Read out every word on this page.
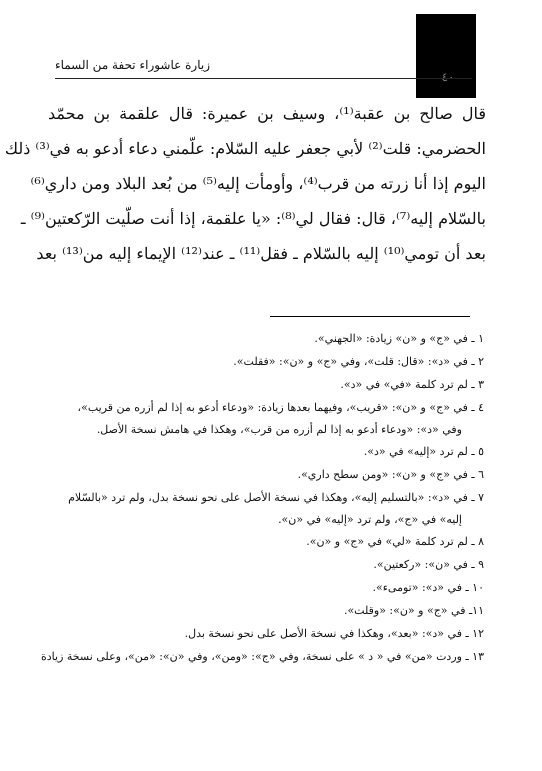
زيارة عاشوراء تحفة من السماء
٤٠
قال صالح بن عقبة⁽¹⁾، وسيف بن عميرة: قال علقمة بن محمّد
الحضرمي: قلت⁽²⁾ لأبي جعفر عليه السّلام: علّمني دعاء أدعو به في⁽³⁾ ذلك
اليوم إذا أنا زرته من قرب⁽⁴⁾، وأومأت إليه⁽⁵⁾ من بُعد البلاد ومن داري⁽⁶⁾
بالسّلام إليه⁽⁷⁾، قال: فقال لي⁽⁸⁾: «يا علقمة، إذا أنت صلّيت الرّكعتين⁽⁹⁾ ـ
بعد أن تومي⁽¹⁰⁾ إليه بالسّلام ـ فقل⁽¹¹⁾ ـ عند⁽¹²⁾ الإيماء إليه من⁽¹³⁾ بعد
١ ـ في «ج» و «ن» زيادة: «الجهني».
٢ ـ في «د»: «قال: قلت»، وفي «ج» و «ن»: «فقلت».
٣ ـ لم ترد كلمة «في» في «د».
٤ ـ في «ج» و «ن»: «قريب»، وفيهما بعدها زيادة: «ودعاء أدعو به إذا لم أزره من قريب»،
وفي «د»: «ودعاء أدعو به إذا لم أزره من قرب»، وهكذا في هامش نسخة الأصل.
٥ ـ لم ترد «إليه» في «د».
٦ ـ في «ج» و «ن»: «ومن سطح داري».
٧ ـ في «د»: «بالتسليم إليه»، وهكذا في نسخة الأصل على نحو نسخة بدل، ولم ترد «بالسّلام
إليه» في «ج»، ولم ترد «إليه» في «ن».
٨ ـ لم ترد كلمة «لي» في «ج» و «ن».
٩ ـ في «ن»: «ركعتين».
١٠ ـ في «د»: «تومىء».
١١ـ في «ج» و «ن»: «وقلت».
١٢ ـ في «د»: «بعد»، وهكذا في نسخة الأصل على نحو نسخة بدل.
١٣ ـ وردت «من» في « د » على نسخة، وفي «ج»: «ومن»، وفي «ن»: «من»، وعلى نسخة زيادة
